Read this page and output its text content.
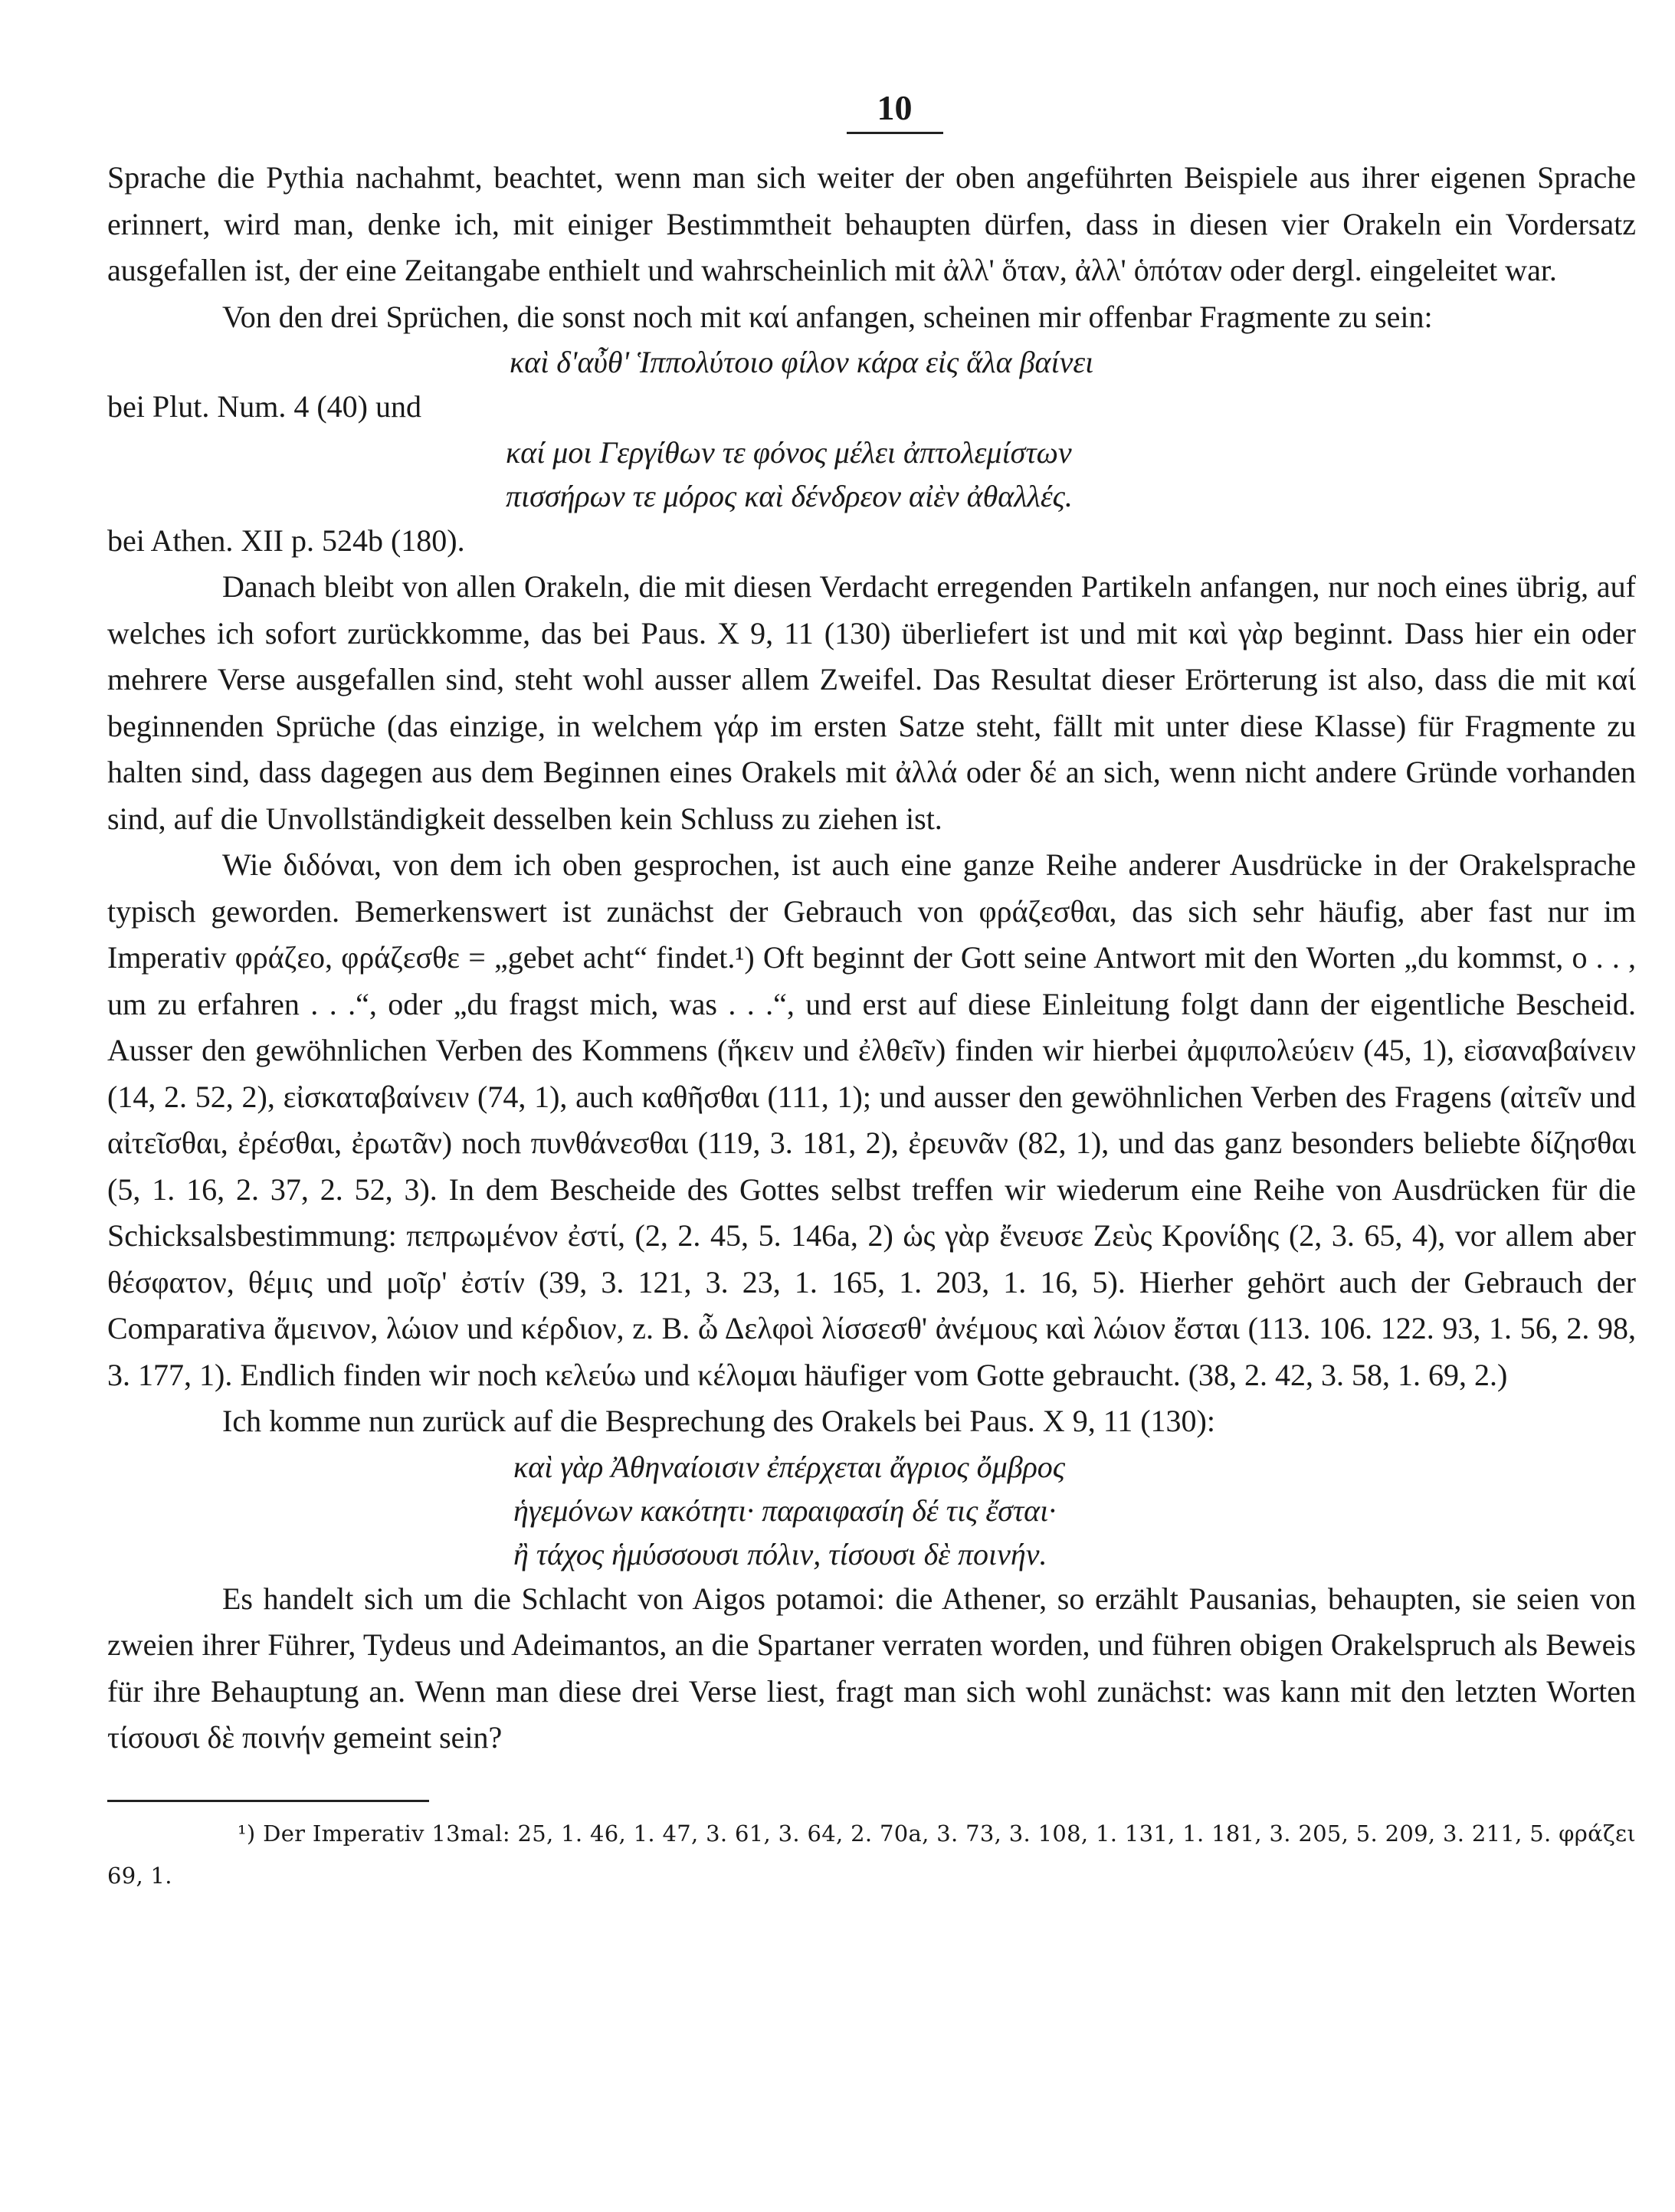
10

Sprache die Pythia nachahmt, beachtet, wenn man sich weiter der oben angeführten Beispiele aus ihrer eigenen Sprache erinnert, wird man, denke ich, mit einiger Bestimmtheit behaupten dürfen, dass in diesen vier Orakeln ein Vordersatz ausgefallen ist, der eine Zeitangabe enthielt und wahrscheinlich mit ἀλλ' ὅταν, ἀλλ' ὁπόταν oder dergl. eingeleitet war.

Von den drei Sprüchen, die sonst noch mit καί anfangen, scheinen mir offenbar Fragmente zu sein:

καὶ δ'αὖθ' Ἱππολύτοιο φίλον κάρα εἰς ἅλα βαίνει

bei Plut. Num. 4 (40) und

καί μοι Γεργίθων τε φόνος μέλει ἀπτολεμίστων

πισσήρων τε μόρος καὶ δένδρεον αἰὲν ἀθαλλές.

bei Athen. XII p. 524b (180).

Danach bleibt von allen Orakeln, die mit diesen Verdacht erregenden Partikeln anfangen, nur noch eines übrig, auf welches ich sofort zurückkomme, das bei Paus. X 9, 11 (130) überliefert ist und mit καὶ γὰρ beginnt. Dass hier ein oder mehrere Verse ausgefallen sind, steht wohl ausser allem Zweifel. Das Resultat dieser Erörterung ist also, dass die mit καί beginnenden Sprüche (das einzige, in welchem γάρ im ersten Satze steht, fällt mit unter diese Klasse) für Fragmente zu halten sind, dass dagegen aus dem Beginnen eines Orakels mit ἀλλά oder δέ an sich, wenn nicht andere Gründe vorhanden sind, auf die Unvollständigkeit desselben kein Schluss zu ziehen ist.

Wie διδόναι, von dem ich oben gesprochen, ist auch eine ganze Reihe anderer Ausdrücke in der Orakelsprache typisch geworden. Bemerkenswert ist zunächst der Gebrauch von φράζεσθαι, das sich sehr häufig, aber fast nur im Imperativ φράζεο, φράζεσθε = „gebet acht“ findet.¹) Oft beginnt der Gott seine Antwort mit den Worten „du kommst, o . . , um zu erfahren . . .“, oder „du fragst mich, was . . .“, und erst auf diese Einleitung folgt dann der eigentliche Bescheid. Ausser den gewöhnlichen Verben des Kommens (ἥκειν und ἐλθεῖν) finden wir hierbei ἀμφιπολεύειν (45, 1), εἰσαναβαίνειν (14, 2. 52, 2), εἰσκαταβαίνειν (74, 1), auch καθῆσθαι (111, 1); und ausser den gewöhnlichen Verben des Fragens (αἰτεῖν und αἰτεῖσθαι, ἐρέσθαι, ἐρωτᾶν) noch πυνθάνεσθαι (119, 3. 181, 2), ἐρευνᾶν (82, 1), und das ganz besonders beliebte δίζησθαι (5, 1. 16, 2. 37, 2. 52, 3). In dem Bescheide des Gottes selbst treffen wir wiederum eine Reihe von Ausdrücken für die Schicksalsbestimmung: πεπρωμένον ἐστί, (2, 2. 45, 5. 146a, 2) ὡς γὰρ ἔνευσε Ζεὺς Κρονίδης (2, 3. 65, 4), vor allem aber θέσφατον, θέμις und μοῖρ' ἐστίν (39, 3. 121, 3. 23, 1. 165, 1. 203, 1. 16, 5). Hierher gehört auch der Gebrauch der Comparativa ἄμεινον, λώιον und κέρδιον, z. B. ὦ Δελφοὶ λίσσεσθ' ἀνέμους καὶ λώιον ἔσται (113. 106. 122. 93, 1. 56, 2. 98, 3. 177, 1). Endlich finden wir noch κελεύω und κέλομαι häufiger vom Gotte gebraucht. (38, 2. 42, 3. 58, 1. 69, 2.)

Ich komme nun zurück auf die Besprechung des Orakels bei Paus. X 9, 11 (130):

καὶ γὰρ Ἀθηναίοισιν ἐπέρχεται ἄγριος ὄμβρος

ἡγεμόνων κακότητι· παραιφασίη δέ τις ἔσται·

ἢ τάχος ἡμύσσουσι πόλιν, τίσουσι δὲ ποινήν.

Es handelt sich um die Schlacht von Aigos potamoi: die Athener, so erzählt Pausanias, behaupten, sie seien von zweien ihrer Führer, Tydeus und Adeimantos, an die Spartaner verraten worden, und führen obigen Orakelspruch als Beweis für ihre Behauptung an. Wenn man diese drei Verse liest, fragt man sich wohl zunächst: was kann mit den letzten Worten τίσουσι δὲ ποινήν gemeint sein?

¹) Der Imperativ 13mal: 25, 1. 46, 1. 47, 3. 61, 3. 64, 2. 70a, 3. 73, 3. 108, 1. 131, 1. 181, 3. 205, 5. 209, 3. 211, 5. φράζει 69, 1.
